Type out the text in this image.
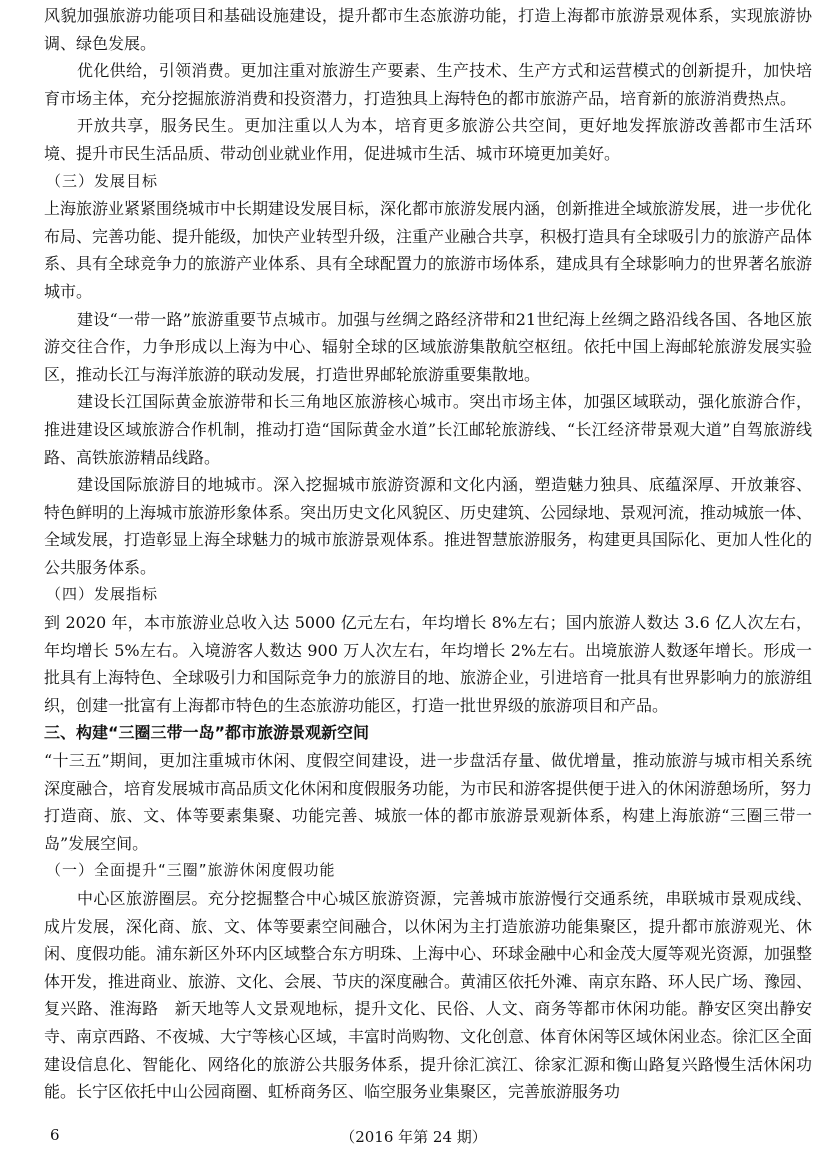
风貌加强旅游功能项目和基础设施建设，提升都市生态旅游功能，打造上海都市旅游景观体系，实现旅游协调、绿色发展。

优化供给，引领消费。更加注重对旅游生产要素、生产技术、生产方式和运营模式的创新提升，加快培育市场主体，充分挖掘旅游消费和投资潜力，打造独具上海特色的都市旅游产品，培育新的旅游消费热点。

开放共享，服务民生。更加注重以人为本，培育更多旅游公共空间，更好地发挥旅游改善都市生活环境、提升市民生活品质、带动创业就业作用，促进城市生活、城市环境更加美好。

（三）发展目标

上海旅游业紧紧围绕城市中长期建设发展目标，深化都市旅游发展内涵，创新推进全域旅游发展，进一步优化布局、完善功能、提升能级，加快产业转型升级，注重产业融合共享，积极打造具有全球吸引力的旅游产品体系、具有全球竞争力的旅游产业体系、具有全球配置力的旅游市场体系，建成具有全球影响力的世界著名旅游城市。

建设“一带一路”旅游重要节点城市。加强与丝绸之路经济带和21世纪海上丝绸之路沿线各国、各地区旅游交往合作，力争形成以上海为中心、辐射全球的区域旅游集散航空枢纽。依托中国上海邮轮旅游发展实验区，推动长江与海洋旅游的联动发展，打造世界邮轮旅游重要集散地。

建设长江国际黄金旅游带和长三角地区旅游核心城市。突出市场主体，加强区域联动，强化旅游合作，推进建设区域旅游合作机制，推动打造“国际黄金水道”长江邮轮旅游线、“长江经济带景观大道”自驾旅游线路、高铁旅游精品线路。

建设国际旅游目的地城市。深入挖掘城市旅游资源和文化内涵，塑造魅力独具、底蕴深厚、开放兼容、特色鲜明的上海城市旅游形象体系。突出历史文化风貌区、历史建筑、公园绿地、景观河流，推动城旅一体、全域发展，打造彰显上海全球魅力的城市旅游景观体系。推进智慧旅游服务，构建更具国际化、更加人性化的公共服务体系。

（四）发展指标

到 2020 年，本市旅游业总收入达 5000 亿元左右，年均增长 8%左右；国内旅游人数达 3.6 亿人次左右，年均增长 5%左右。入境游客人数达 900 万人次左右，年均增长 2%左右。出境旅游人数逐年增长。形成一批具有上海特色、全球吸引力和国际竞争力的旅游目的地、旅游企业，引进培育一批具有世界影响力的旅游组织，创建一批富有上海都市特色的生态旅游功能区，打造一批世界级的旅游项目和产品。

三、构建“三圈三带一岛”都市旅游景观新空间

“十三五”期间，更加注重城市休闲、度假空间建设，进一步盘活存量、做优增量，推动旅游与城市相关系统深度融合，培育发展城市高品质文化休闲和度假服务功能，为市民和游客提供便于进入的休闲游憩场所，努力打造商、旅、文、体等要素集聚、功能完善、城旅一体的都市旅游景观新体系，构建上海旅游“三圈三带一岛”发展空间。

（一）全面提升“三圈”旅游休闲度假功能

中心区旅游圈层。充分挖掘整合中心城区旅游资源，完善城市旅游慢行交通系统，串联城市景观成线、成片发展，深化商、旅、文、体等要素空间融合，以休闲为主打造旅游功能集聚区，提升都市旅游观光、休闲、度假功能。浦东新区外环内区域整合东方明珠、上海中心、环球金融中心和金茂大厦等观光资源，加强整体开发，推进商业、旅游、文化、会展、节庆的深度融合。黄浦区依托外滩、南京东路、环人民广场、豫园、复兴路、淮海路　新天地等人文景观地标，提升文化、民俗、人文、商务等都市休闲功能。静安区突出静安寺、南京西路、不夜城、大宁等核心区域，丰富时尚购物、文化创意、体育休闲等区域休闲业态。徐汇区全面建设信息化、智能化、网络化的旅游公共服务体系，提升徐汇滨江、徐家汇源和衡山路复兴路慢生活休闲功能。长宁区依托中山公园商圈、虹桥商务区、临空服务业集聚区，完善旅游服务功

6	（2016 年第 24 期）
